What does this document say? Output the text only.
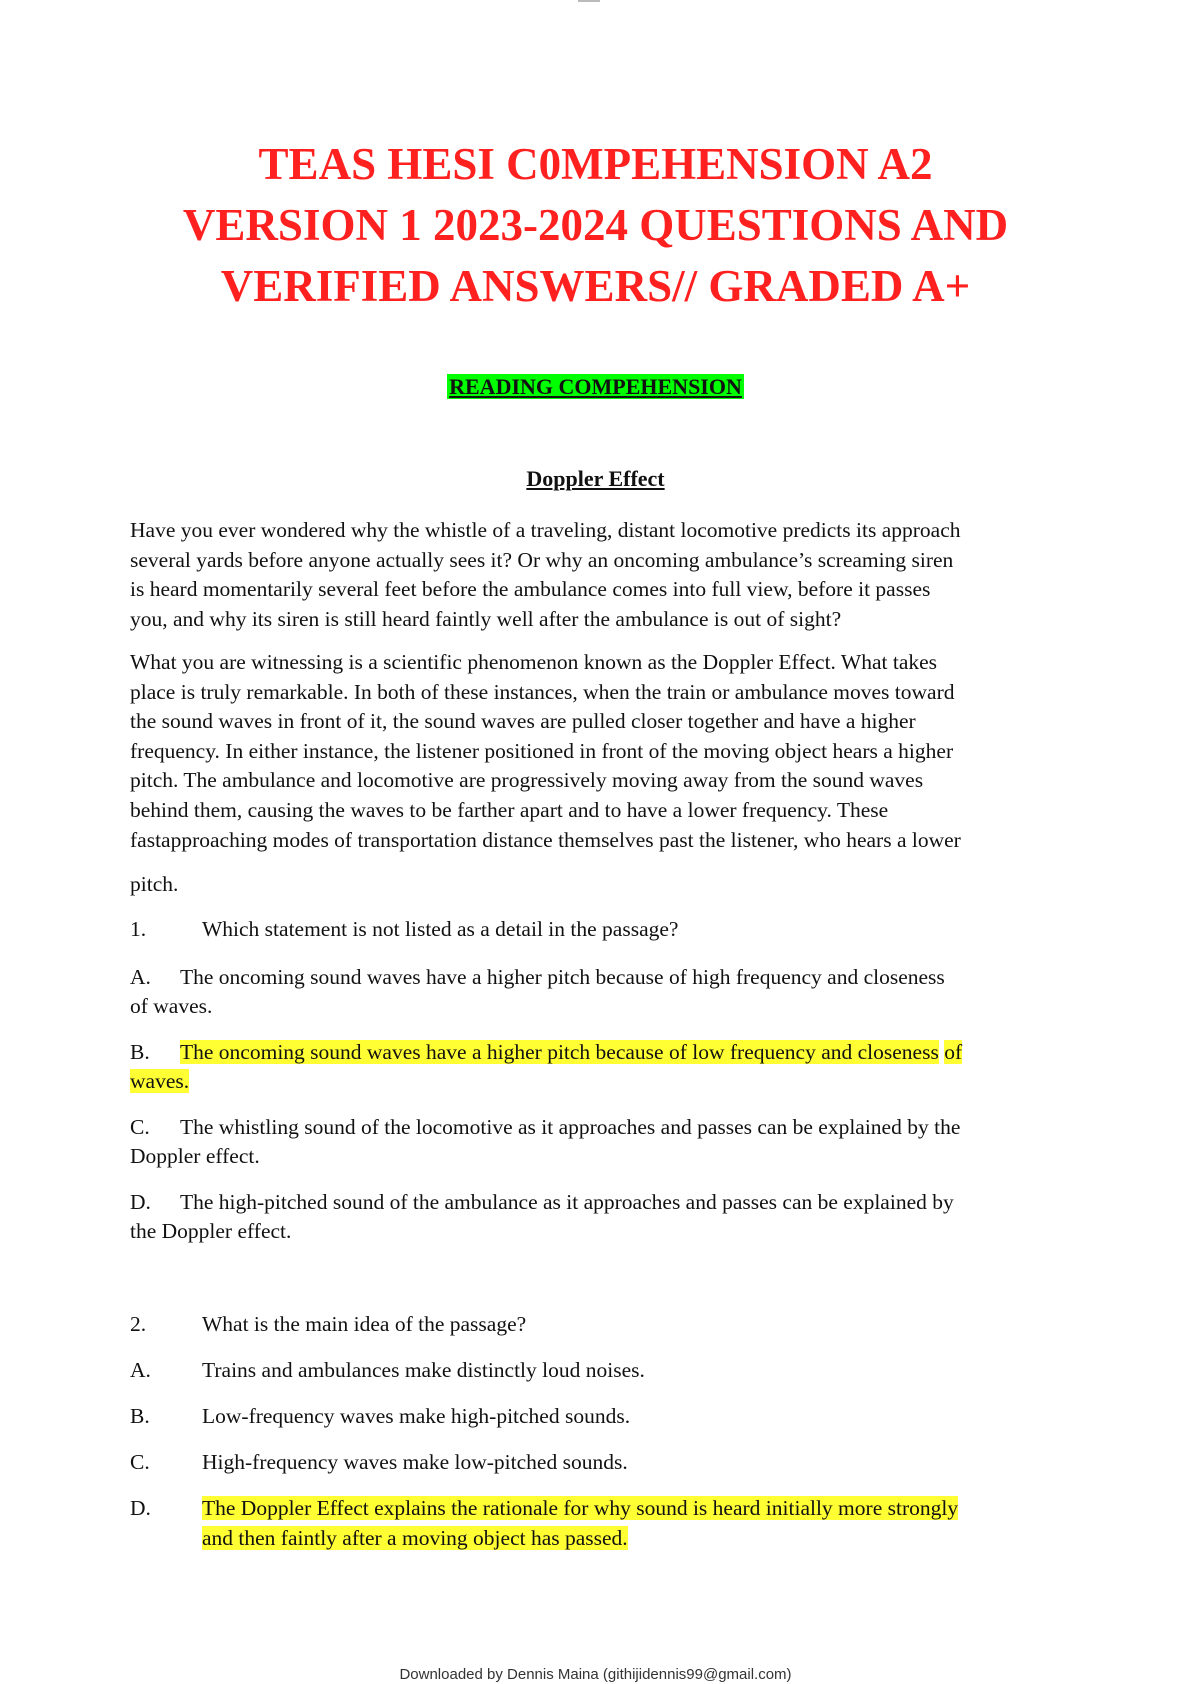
TEAS HESI C0MPEHENSION A2
VERSION 1 2023-2024 QUESTIONS AND
VERIFIED ANSWERS// GRADED A+
READING COMPEHENSION
Doppler Effect
Have you ever wondered why the whistle of a traveling, distant locomotive predicts its approach
several yards before anyone actually sees it? Or why an oncoming ambulance’s screaming siren
is heard momentarily several feet before the ambulance comes into full view, before it passes
you, and why its siren is still heard faintly well after the ambulance is out of sight?
What you are witnessing is a scientific phenomenon known as the Doppler Effect. What takes
place is truly remarkable. In both of these instances, when the train or ambulance moves toward
the sound waves in front of it, the sound waves are pulled closer together and have a higher
frequency. In either instance, the listener positioned in front of the moving object hears a higher
pitch. The ambulance and locomotive are progressively moving away from the sound waves
behind them, causing the waves to be farther apart and to have a lower frequency. These
fastapproaching modes of transportation distance themselves past the listener, who hears a lower
pitch.
1.	Which statement is not listed as a detail in the passage?
A. The oncoming sound waves have a higher pitch because of high frequency and closeness
of waves.
B. The oncoming sound waves have a higher pitch because of low frequency and closeness of
waves.
C. The whistling sound of the locomotive as it approaches and passes can be explained by the
Doppler effect.
D. The high-pitched sound of the ambulance as it approaches and passes can be explained by
the Doppler effect.
2.	What is the main idea of the passage?
A. Trains and ambulances make distinctly loud noises.
B. Low-frequency waves make high-pitched sounds.
C. High-frequency waves make low-pitched sounds.
D. The Doppler Effect explains the rationale for why sound is heard initially more strongly
and then faintly after a moving object has passed.
Downloaded by Dennis Maina (githijidennis99@gmail.com)
